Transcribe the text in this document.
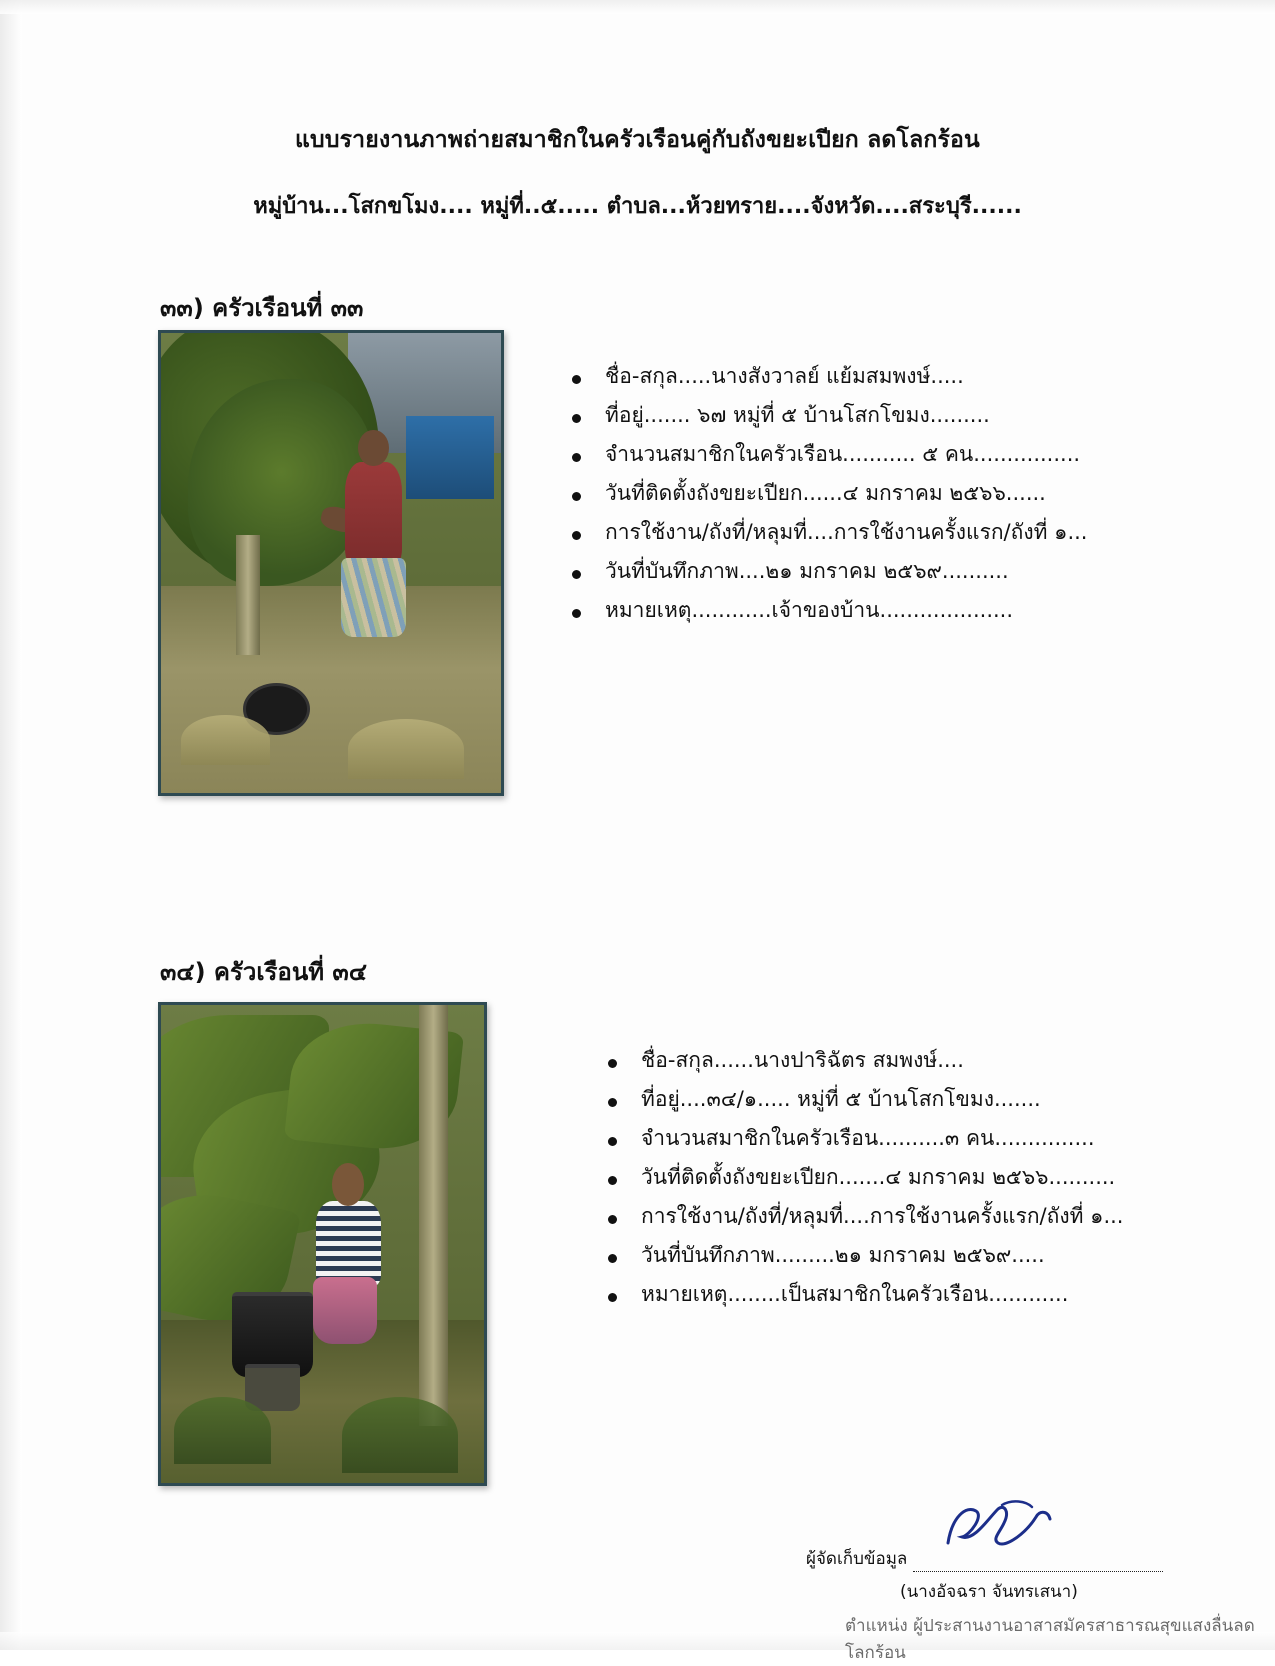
แบบรายงานภาพถ่ายสมาชิกในครัวเรือนคู่กับถังขยะเปียก ลดโลกร้อน
หมู่บ้าน...โสกขโมง.... หมู่ที่..๕..... ตำบล...ห้วยทราย....จังหวัด....สระบุรี......
๓๓) ครัวเรือนที่ ๓๓
ชื่อ-สกุล.....นางสังวาลย์ แย้มสมพงษ์.....
ที่อยู่....... ๖๗ หมู่ที่ ๕ บ้านโสกโขมง.........
จำนวนสมาชิกในครัวเรือน........... ๕ คน................
วันที่ติดตั้งถังขยะเปียก......๔ มกราคม ๒๕๖๖......
การใช้งาน/ถังที่/หลุมที่....การใช้งานครั้งแรก/ถังที่ ๑...
วันที่บันทึกภาพ....๒๑ มกราคม ๒๕๖๙..........
หมายเหตุ............เจ้าของบ้าน....................
๓๔) ครัวเรือนที่ ๓๔
ชื่อ-สกุล......นางปาริฉัตร สมพงษ์....
ที่อยู่....๓๔/๑..... หมู่ที่ ๕ บ้านโสกโขมง.......
จำนวนสมาชิกในครัวเรือน..........๓ คน...............
วันที่ติดตั้งถังขยะเปียก.......๔ มกราคม ๒๕๖๖..........
การใช้งาน/ถังที่/หลุมที่....การใช้งานครั้งแรก/ถังที่ ๑...
วันที่บันทึกภาพ.........๒๑ มกราคม ๒๕๖๙.....
หมายเหตุ........เป็นสมาชิกในครัวเรือน............
ผู้จัดเก็บข้อมูล
(นางอัจฉรา จันทรเสนา)
ตำแหน่ง ผู้ประสานงานอาสาสมัครสาธารณสุขแสงลื่นลดโลกร้อน
